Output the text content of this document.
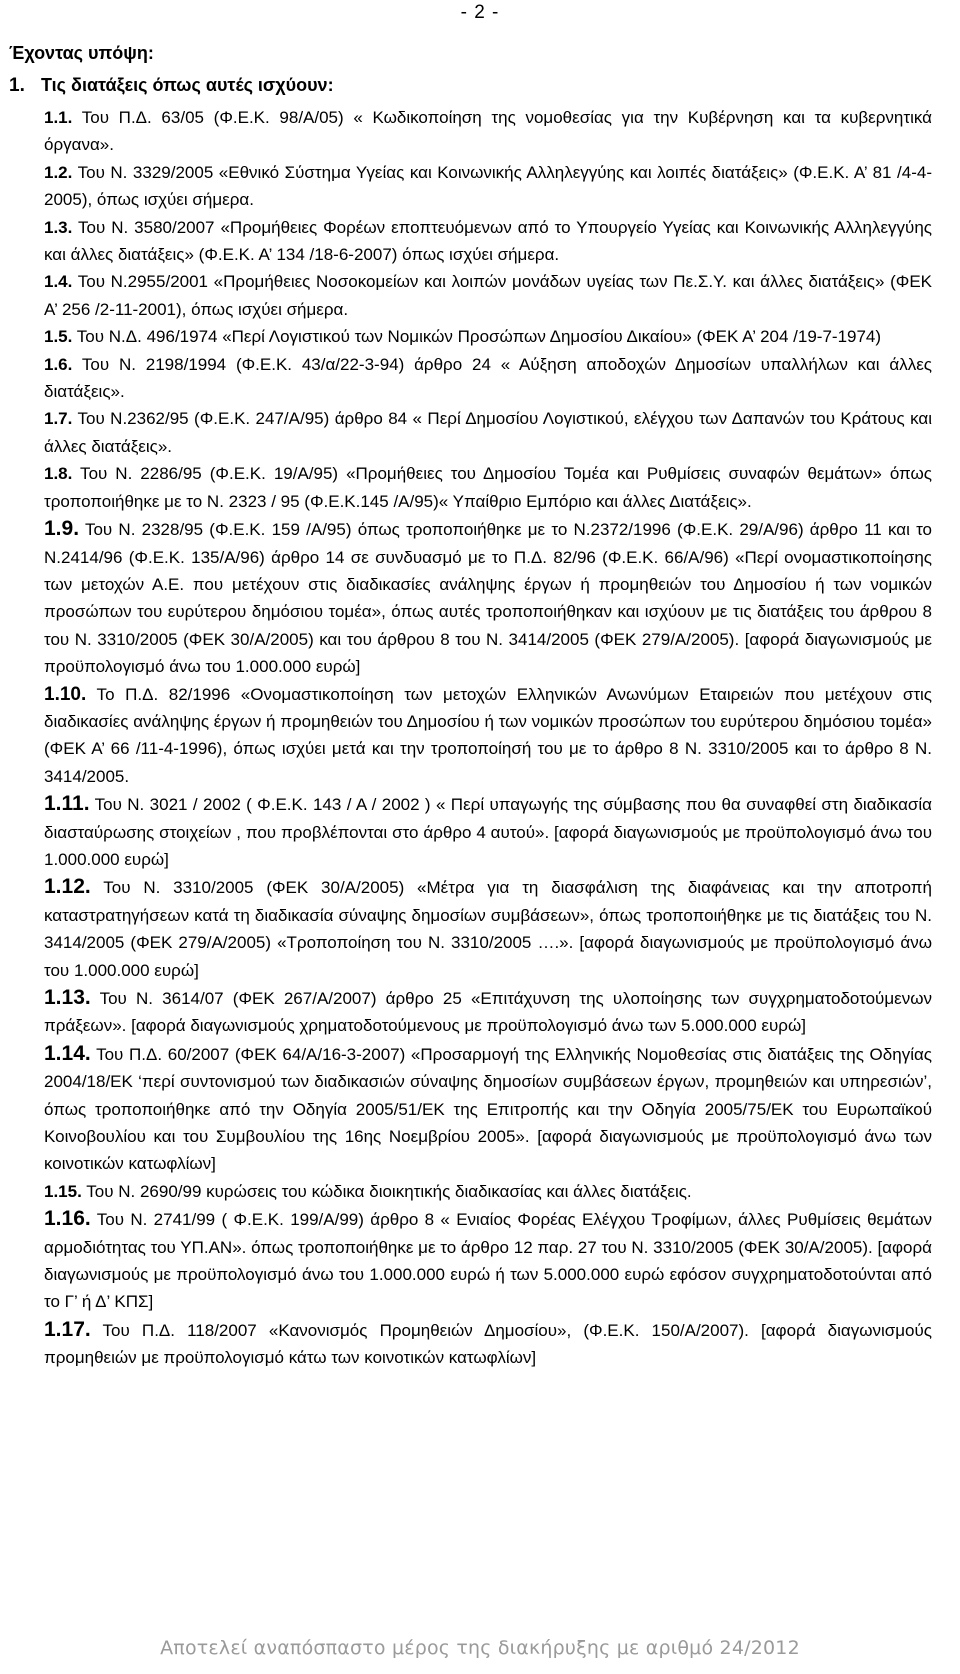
- 2 -
Έχοντας υπόψη:
1. Τις διατάξεις όπως αυτές ισχύουν:
1.1. Του Π.Δ. 63/05 (Φ.Ε.Κ. 98/Α/05) « Κωδικοποίηση της νομοθεσίας για την Κυβέρνηση και τα κυβερνητικά όργανα».
1.2. Του Ν. 3329/2005 «Εθνικό Σύστημα Υγείας και Κοινωνικής Αλληλεγγύης και λοιπές διατάξεις» (Φ.Ε.Κ. Α’ 81 /4-4-2005), όπως ισχύει σήμερα.
1.3. Του Ν. 3580/2007 «Προμήθειες Φορέων εποπτευόμενων από το Υπουργείο Υγείας και Κοινωνικής Αλληλεγγύης και άλλες διατάξεις» (Φ.Ε.Κ. Α’ 134 /18-6-2007) όπως ισχύει σήμερα.
1.4. Του Ν.2955/2001 «Προμήθειες Νοσοκομείων και λοιπών μονάδων υγείας των Πε.Σ.Υ. και άλλες διατάξεις» (ΦΕΚ Α’ 256 /2-11-2001), όπως ισχύει σήμερα.
1.5. Του Ν.Δ. 496/1974 «Περί Λογιστικού των Νομικών Προσώπων Δημοσίου Δικαίου» (ΦΕΚ Α’ 204 /19-7-1974)
1.6. Του Ν. 2198/1994 (Φ.Ε.Κ. 43/α/22-3-94) άρθρο 24 « Αύξηση αποδοχών Δημοσίων υπαλλήλων και άλλες διατάξεις».
1.7. Του Ν.2362/95 (Φ.Ε.Κ. 247/Α/95) άρθρο 84 « Περί Δημοσίου Λογιστικού, ελέγχου των Δαπανών του Κράτους και άλλες διατάξεις».
1.8. Του Ν. 2286/95 (Φ.Ε.Κ. 19/Α/95) «Προμήθειες του Δημοσίου Τομέα και Ρυθμίσεις συναφών θεμάτων» όπως τροποποιήθηκε με το Ν. 2323 / 95 (Φ.Ε.Κ.145 /Α/95)« Υπαίθριο Εμπόριο και άλλες Διατάξεις».
1.9. Του Ν. 2328/95 (Φ.Ε.Κ. 159 /Α/95) όπως τροποποιήθηκε με το Ν.2372/1996 (Φ.Ε.Κ. 29/Α/96) άρθρο 11 και το Ν.2414/96 (Φ.Ε.Κ. 135/Α/96) άρθρο 14 σε συνδυασμό με το Π.Δ. 82/96 (Φ.Ε.Κ. 66/Α/96) «Περί ονομαστικοποίησης των μετοχών Α.Ε. που μετέχουν στις διαδικασίες ανάληψης έργων ή προμηθειών του Δημοσίου ή των νομικών προσώπων του ευρύτερου δημόσιου τομέα», όπως αυτές τροποποιήθηκαν και ισχύουν με τις διατάξεις του άρθρου 8 του Ν. 3310/2005 (ΦΕΚ 30/Α/2005) και του άρθρου 8 του Ν. 3414/2005 (ΦΕΚ 279/Α/2005). [αφορά διαγωνισμούς με προϋπολογισμό άνω του 1.000.000 ευρώ]
1.10. Το Π.Δ. 82/1996 «Ονομαστικοποίηση των μετοχών Ελληνικών Ανωνύμων Εταιρειών που μετέχουν στις διαδικασίες ανάληψης έργων ή προμηθειών του Δημοσίου ή των νομικών προσώπων του ευρύτερου δημόσιου τομέα» (ΦΕΚ Α’ 66 /11-4-1996), όπως ισχύει μετά και την τροποποίησή του με το άρθρο 8 Ν. 3310/2005 και το άρθρο 8 Ν. 3414/2005.
1.11. Του Ν. 3021 / 2002 ( Φ.Ε.Κ. 143 / Α / 2002 ) « Περί υπαγωγής της σύμβασης που θα συναφθεί στη διαδικασία διασταύρωσης στοιχείων , που προβλέπονται στο άρθρο 4 αυτού». [αφορά διαγωνισμούς με προϋπολογισμό άνω του 1.000.000 ευρώ]
1.12. Του Ν. 3310/2005 (ΦΕΚ 30/Α/2005) «Μέτρα για τη διασφάλιση της διαφάνειας και την αποτροπή καταστρατηγήσεων κατά τη διαδικασία σύναψης δημοσίων συμβάσεων», όπως τροποποιήθηκε με τις διατάξεις του Ν. 3414/2005 (ΦΕΚ 279/Α/2005) «Τροποποίηση του Ν. 3310/2005 ….». [αφορά διαγωνισμούς με προϋπολογισμό άνω του 1.000.000 ευρώ]
1.13. Του Ν. 3614/07 (ΦΕΚ 267/Α/2007) άρθρο 25 «Επιτάχυνση της υλοποίησης των συγχρηματοδοτούμενων πράξεων». [αφορά διαγωνισμούς χρηματοδοτούμενους με προϋπολογισμό άνω των 5.000.000 ευρώ]
1.14. Του Π.Δ. 60/2007 (ΦΕΚ 64/Α/16-3-2007) «Προσαρμογή της Ελληνικής Νομοθεσίας στις διατάξεις της Οδηγίας 2004/18/ΕΚ ‘περί συντονισμού των διαδικασιών σύναψης δημοσίων συμβάσεων έργων, προμηθειών και υπηρεσιών’, όπως τροποποιήθηκε από την Οδηγία 2005/51/ΕΚ της Επιτροπής και την Οδηγία 2005/75/ΕΚ του Ευρωπαϊκού Κοινοβουλίου και του Συμβουλίου της 16ης Νοεμβρίου 2005». [αφορά διαγωνισμούς με προϋπολογισμό άνω των κοινοτικών κατωφλίων]
1.15. Του Ν. 2690/99 κυρώσεις του κώδικα διοικητικής διαδικασίας και άλλες διατάξεις.
1.16. Του Ν. 2741/99 ( Φ.Ε.Κ. 199/Α/99) άρθρο 8 « Ενιαίος Φορέας Ελέγχου Τροφίμων, άλλες Ρυθμίσεις θεμάτων αρμοδιότητας του ΥΠ.ΑΝ». όπως τροποποιήθηκε με το άρθρο 12 παρ. 27 του Ν. 3310/2005 (ΦΕΚ 30/Α/2005). [αφορά διαγωνισμούς με προϋπολογισμό άνω του 1.000.000 ευρώ ή των 5.000.000 ευρώ εφόσον συγχρηματοδοτούνται από το Γ’ ή Δ’ ΚΠΣ]
1.17. Του Π.Δ. 118/2007 «Κανονισμός Προμηθειών Δημοσίου», (Φ.Ε.Κ. 150/Α/2007). [αφορά διαγωνισμούς προμηθειών με προϋπολογισμό κάτω των κοινοτικών κατωφλίων]
Αποτελεί αναπόσπαστο μέρος της διακήρυξης με αριθμό 24/2012
